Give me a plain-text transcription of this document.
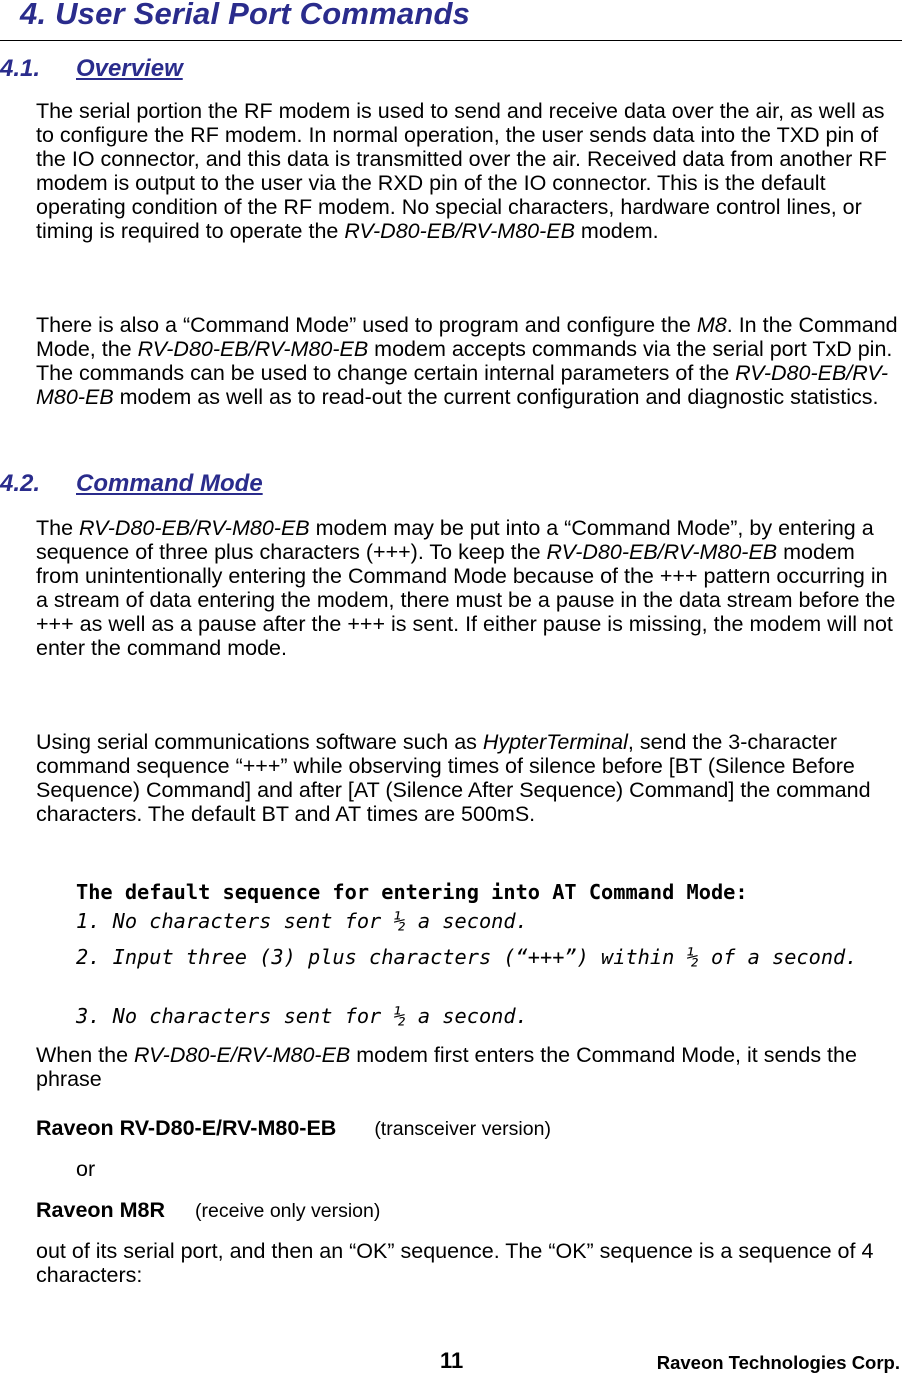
4. User Serial Port Commands
4.1. Overview

The serial portion the RF modem is used to send and receive data over the air, as well as to configure the RF modem. In normal operation, the user sends data into the TXD pin of the IO connector, and this data is transmitted over the air. Received data from another RF modem is output to the user via the RXD pin of the IO connector. This is the default operating condition of the RF modem. No special characters, hardware control lines, or timing is required to operate the RV-D80-EB/RV-M80-EB modem.

There is also a “Command Mode” used to program and configure the M8. In the Command Mode, the RV-D80-EB/RV-M80-EB modem accepts commands via the serial port TxD pin. The commands can be used to change certain internal parameters of the RV-D80-EB/RV-M80-EB modem as well as to read-out the current configuration and diagnostic statistics.

4.2. Command Mode

The RV-D80-EB/RV-M80-EB modem may be put into a “Command Mode”, by entering a sequence of three plus characters (+++). To keep the RV-D80-EB/RV-M80-EB modem from unintentionally entering the Command Mode because of the +++ pattern occurring in a stream of data entering the modem, there must be a pause in the data stream before the +++ as well as a pause after the +++ is sent. If either pause is missing, the modem will not enter the command mode.

Using serial communications software such as HypterTerminal, send the 3-character command sequence “+++” while observing times of silence before [BT (Silence Before Sequence) Command] and after [AT (Silence After Sequence) Command] the command characters. The default BT and AT times are 500mS.

The default sequence for entering into AT Command Mode:
1. No characters sent for ½ a second.
2. Input three (3) plus characters (“+++”) within ½ of a second.
3. No characters sent for ½ a second.

When the RV-D80-E/RV-M80-EB modem first enters the Command Mode, it sends the phrase

Raveon RV-D80-E/RV-M80-EB (transceiver version)
or
Raveon M8R (receive only version)

out of its serial port, and then an “OK” sequence. The “OK” sequence is a sequence of 4 characters:

11	Raveon Technologies Corp.
